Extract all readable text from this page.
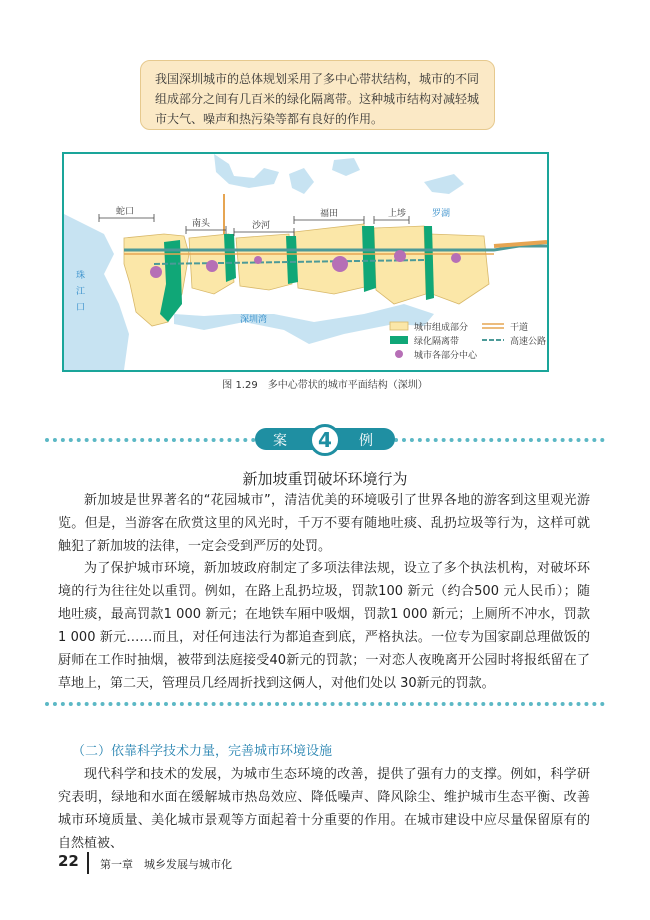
我国深圳城市的总体规划采用了多中心带状结构，城市的不同组成部分之间有几百米的绿化隔离带。这种城市结构对减轻城市大气、噪声和热污染等都有良好的作用。
蛇口
南头	沙河
福田	上埗	罗湖
珠
江
口
深圳湾
城市组成部分
绿化隔离带
城市各部分中心
干道
高速公路
图 1.29　多中心带状的城市平面结构（深圳）
案	4	例
新加坡重罚破坏环境行为

新加坡是世界著名的“花园城市”，清洁优美的环境吸引了世界各地的游客到这里观光游览。但是，当游客在欣赏这里的风光时，千万不要有随地吐痰、乱扔垃圾等行为，这样可就触犯了新加坡的法律，一定会受到严厉的处罚。

为了保护城市环境，新加坡政府制定了多项法律法规，设立了多个执法机构，对破坏环境的行为往往处以重罚。例如，在路上乱扔垃圾，罚款100 新元（约合500 元人民币）；随地吐痰，最高罚款1 000 新元；在地铁车厢中吸烟，罚款1 000 新元；上厕所不冲水，罚款1 000 新元……而且，对任何违法行为都追查到底，严格执法。一位专为国家副总理做饭的厨师在工作时抽烟，被带到法庭接受40新元的罚款；一对恋人夜晚离开公园时将报纸留在了草地上，第二天，管理员几经周折找到这俩人，对他们处以 30新元的罚款。

（二）依靠科学技术力量，完善城市环境设施

现代科学和技术的发展，为城市生态环境的改善，提供了强有力的支撑。例如，科学研究表明，绿地和水面在缓解城市热岛效应、降低噪声、降风除尘、维护城市生态平衡、改善城市环境质量、美化城市景观等方面起着十分重要的作用。在城市建设中应尽量保留原有的自然植被、

22 第一章　城乡发展与城市化
